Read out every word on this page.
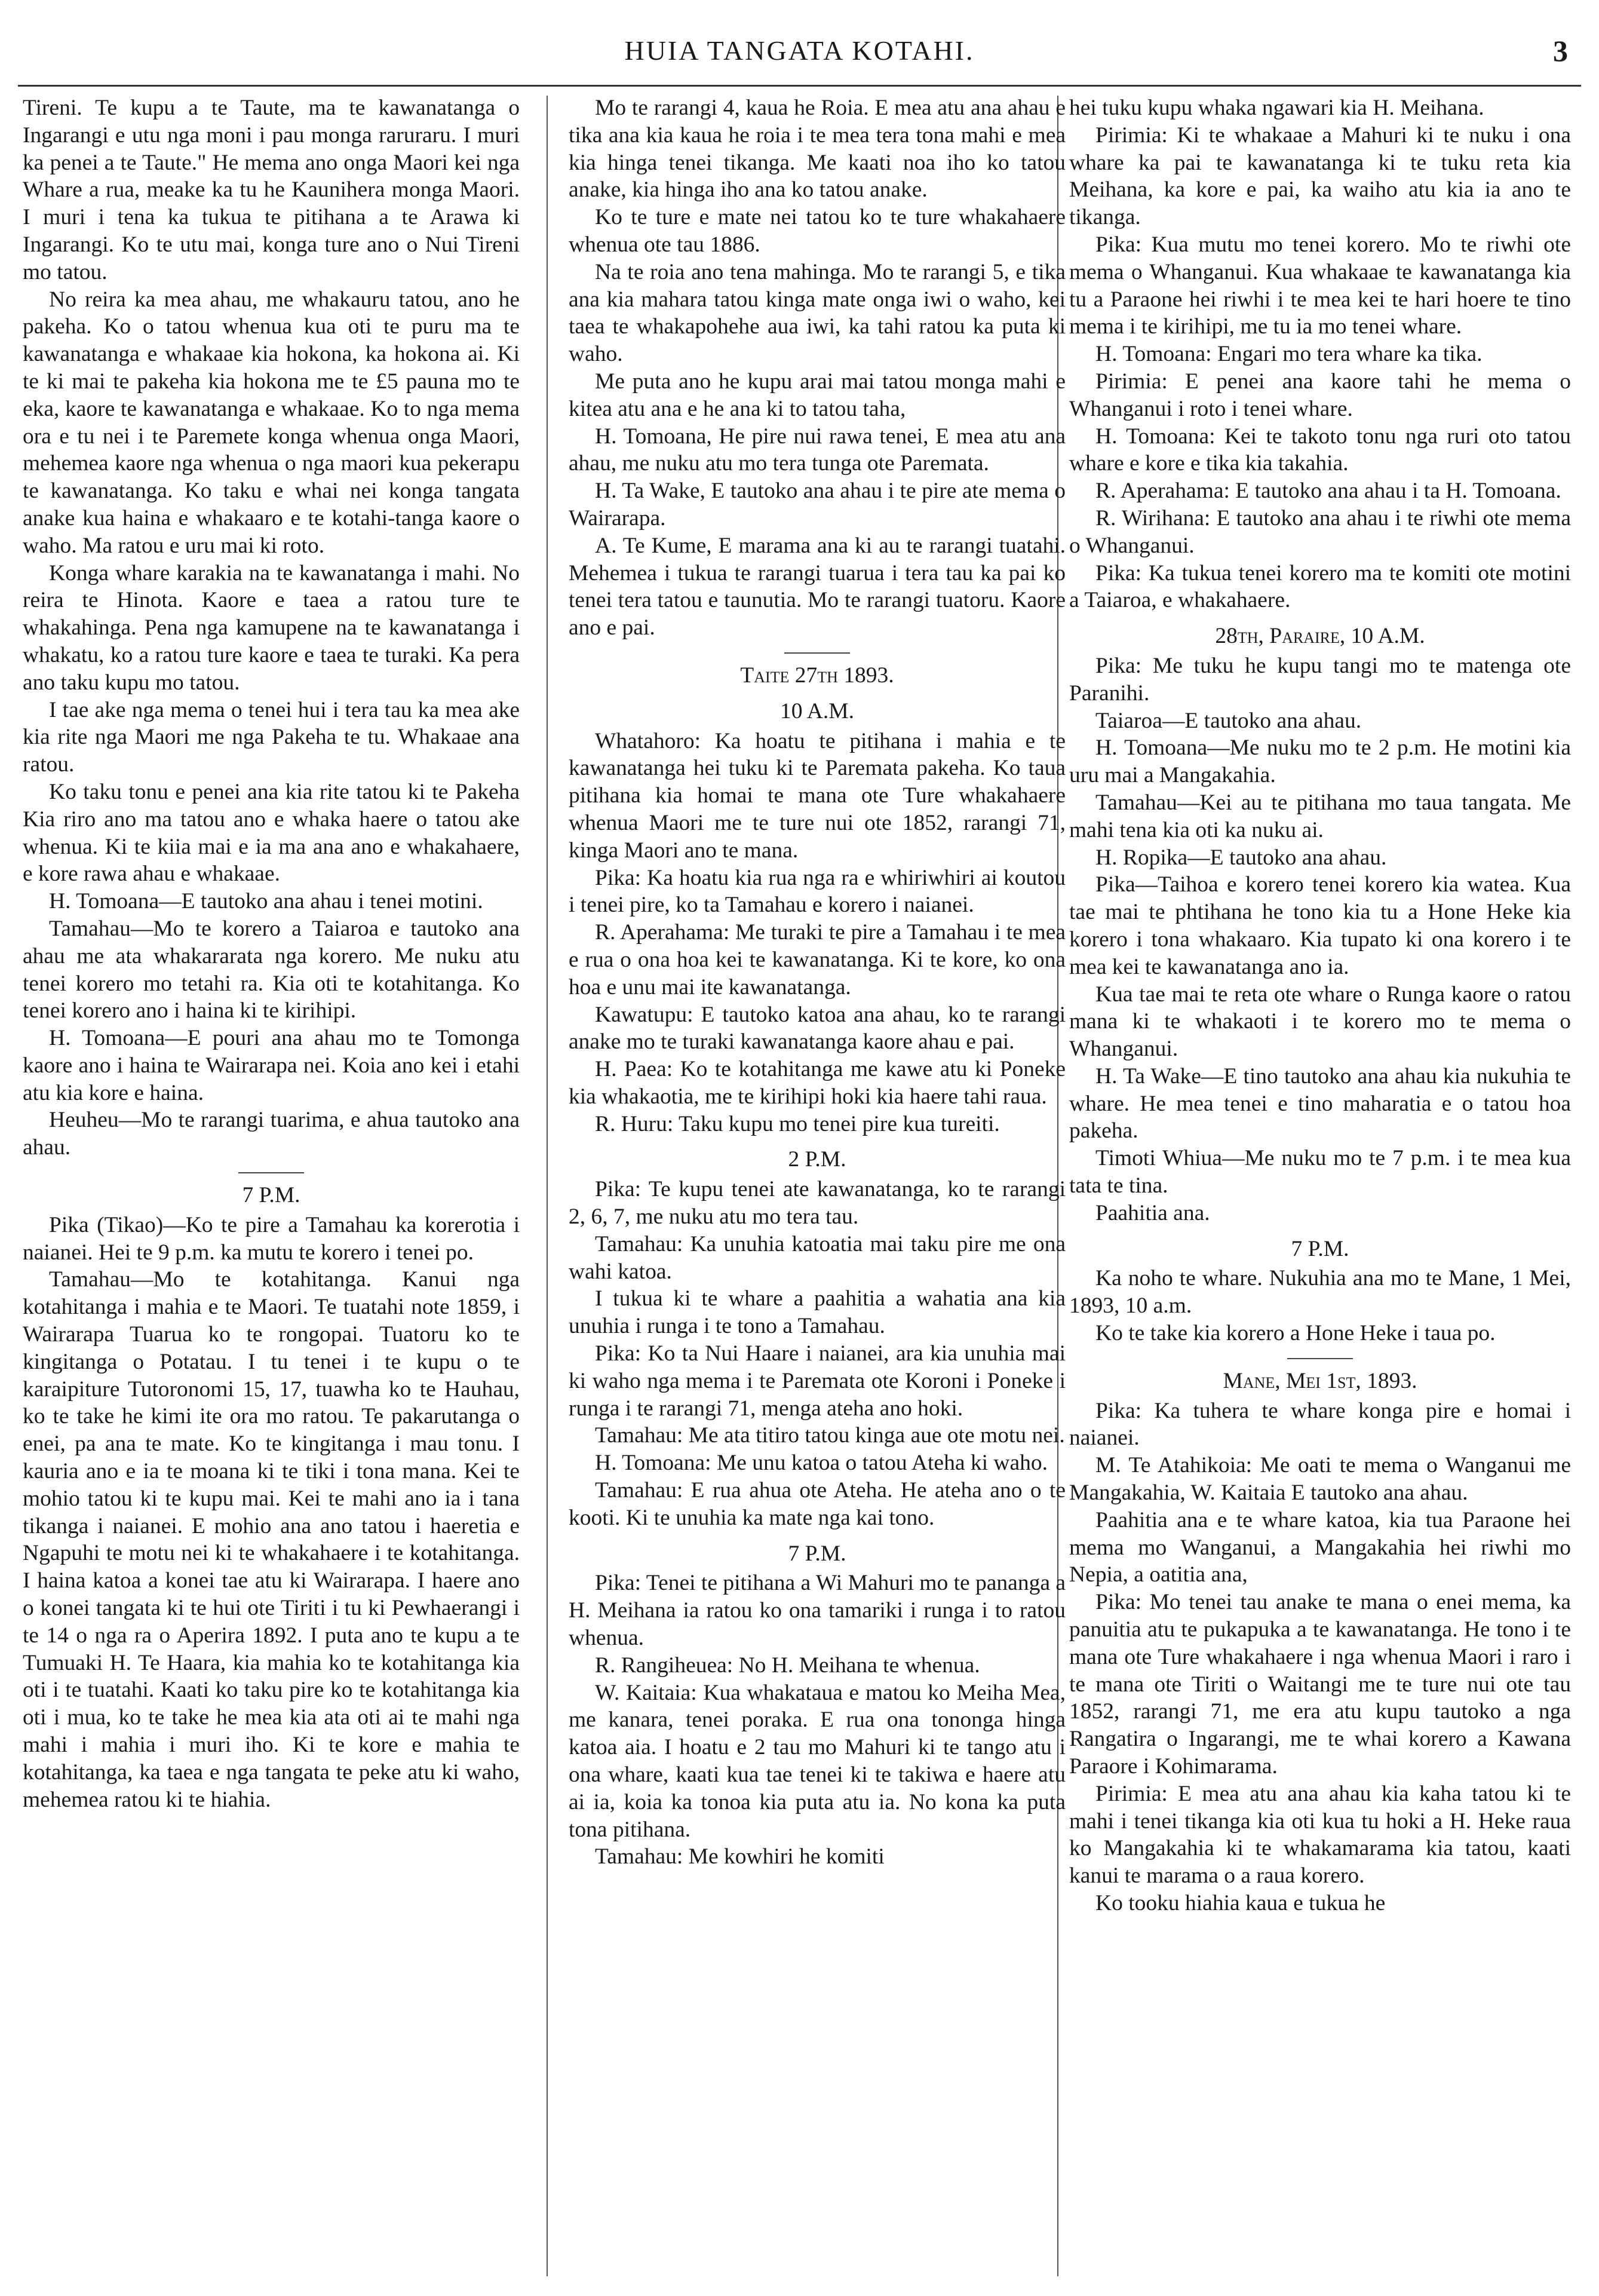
HUIA TANGATA KOTAHI.	3

Tireni. Te kupu a te Taute, ma te kawanatanga o Ingarangi e utu nga moni i pau monga raruraru. I muri ka penei a te Taute." He mema ano onga Maori kei nga Whare a rua, meake ka tu he Kaunihera monga Maori. I muri i tena ka tukua te pitihana a te Arawa ki Ingarangi. Ko te utu mai, konga ture ano o Nui Tireni mo tatou.

No reira ka mea ahau, me whakauru tatou, ano he pakeha. Ko o tatou whenua kua oti te puru ma te kawanatanga e whakaae kia hokona, ka hokona ai. Ki te ki mai te pakeha kia hokona me te £5 pauna mo te eka, kaore te kawanatanga e whakaae. Ko to nga mema ora e tu nei i te Paremete konga whenua onga Maori, mehemea kaore nga whenua o nga maori kua pekerapu te kawanatanga. Ko taku e whai nei konga tangata anake kua haina e whakaaro e te kotahi-tanga kaore o waho. Ma ratou e uru mai ki roto.

Konga whare karakia na te kawanatanga i mahi. No reira te Hinota. Kaore e taea a ratou ture te whakahinga. Pena nga kamupene na te kawanatanga i whakatu, ko a ratou ture kaore e taea te turaki. Ka pera ano taku kupu mo tatou.

I tae ake nga mema o tenei hui i tera tau ka mea ake kia rite nga Maori me nga Pakeha te tu. Whakaae ana ratou.

Ko taku tonu e penei ana kia rite tatou ki te Pakeha Kia riro ano ma tatou ano e whaka haere o tatou ake whenua. Ki te kiia mai e ia ma ana ano e whakahaere, e kore rawa ahau e whakaae.

H. Tomoana—E tautoko ana ahau i tenei motini.

Tamahau—Mo te korero a Taiaroa e tautoko ana ahau me ata whakararata nga korero. Me nuku atu tenei korero mo tetahi ra. Kia oti te kotahitanga. Ko tenei korero ano i haina ki te kirihipi.

H. Tomoana—E pouri ana ahau mo te Tomonga kaore ano i haina te Wairarapa nei. Koia ano kei i etahi atu kia kore e haina.

Heuheu—Mo te rarangi tuarima, e ahua tautoko ana ahau.

7 P.M.

Pika (Tikao)—Ko te pire a Tamahau ka korerotia i naianei. Hei te 9 p.m. ka mutu te korero i tenei po.

Tamahau—Mo te kotahitanga. Kanui nga kotahitanga i mahia e te Maori. Te tuatahi note 1859, i Wairarapa Tuarua ko te rongopai. Tuatoru ko te kingitanga o Potatau. I tu tenei i te kupu o te karaipiture Tutoronomi 15, 17, tuawha ko te Hauhau, ko te take he kimi ite ora mo ratou. Te pakarutanga o enei, pa ana te mate. Ko te kingitanga i mau tonu. I kauria ano e ia te moana ki te tiki i tona mana. Kei te mohio tatou ki te kupu mai. Kei te mahi ano ia i tana tikanga i naianei. E mohio ana ano tatou i haeretia e Ngapuhi te motu nei ki te whakahaere i te kotahitanga. I haina katoa a konei tae atu ki Wairarapa. I haere ano o konei tangata ki te hui ote Tiriti i tu ki Pewhaerangi i te 14 o nga ra o Aperira 1892. I puta ano te kupu a te Tumuaki H. Te Haara, kia mahia ko te kotahitanga kia oti i te tuatahi. Kaati ko taku pire ko te kotahitanga kia oti i mua, ko te take he mea kia ata oti ai te mahi nga mahi i mahia i muri iho. Ki te kore e mahia te kotahitanga, ka taea e nga tangata te peke atu ki waho, mehemea ratou ki te hiahia.

Mo te rarangi 4, kaua he Roia. E mea atu ana ahau e tika ana kia kaua he roia i te mea tera tona mahi e mea kia hinga tenei tikanga. Me kaati noa iho ko tatou anake, kia hinga iho ana ko tatou anake.

Ko te ture e mate nei tatou ko te ture whakahaere whenua ote tau 1886.

Na te roia ano tena mahinga. Mo te rarangi 5, e tika ana kia mahara tatou kinga mate onga iwi o waho, kei taea te whakapohehe aua iwi, ka tahi ratou ka puta ki waho.

Me puta ano he kupu arai mai tatou monga mahi e kitea atu ana e he ana ki to tatou taha,

H. Tomoana, He pire nui rawa tenei, E mea atu ana ahau, me nuku atu mo tera tunga ote Paremata.

H. Ta Wake, E tautoko ana ahau i te pire ate mema o Wairarapa.

A. Te Kume, E marama ana ki au te rarangi tuatahi. Mehemea i tukua te rarangi tuarua i tera tau ka pai ko tenei tera tatou e taunutia. Mo te rarangi tuatoru. Kaore ano e pai.

Taite 27th 1893.

10 A.M.

Whatahoro: Ka hoatu te pitihana i mahia e te kawanatanga hei tuku ki te Paremata pakeha. Ko taua pitihana kia homai te mana ote Ture whakahaere whenua Maori me te ture nui ote 1852, rarangi 71, kinga Maori ano te mana.

Pika: Ka hoatu kia rua nga ra e whiriwhiri ai koutou i tenei pire, ko ta Tamahau e korero i naianei.

R. Aperahama: Me turaki te pire a Tamahau i te mea e rua o ona hoa kei te kawanatanga. Ki te kore, ko ona hoa e unu mai ite kawanatanga.

Kawatupu: E tautoko katoa ana ahau, ko te rarangi anake mo te turaki kawanatanga kaore ahau e pai.

H. Paea: Ko te kotahitanga me kawe atu ki Poneke kia whakaotia, me te kirihipi hoki kia haere tahi raua.

R. Huru: Taku kupu mo tenei pire kua tureiti.

2 P.M.

Pika: Te kupu tenei ate kawanatanga, ko te rarangi 2, 6, 7, me nuku atu mo tera tau.

Tamahau: Ka unuhia katoatia mai taku pire me ona wahi katoa.

I tukua ki te whare a paahitia a wahatia ana kia unuhia i runga i te tono a Tamahau.

Pika: Ko ta Nui Haare i naianei, ara kia unuhia mai ki waho nga mema i te Paremata ote Koroni i Poneke i runga i te rarangi 71, menga ateha ano hoki.

Tamahau: Me ata titiro tatou kinga aue ote motu nei.

H. Tomoana: Me unu katoa o tatou Ateha ki waho.

Tamahau: E rua ahua ote Ateha. He ateha ano o te kooti. Ki te unuhia ka mate nga kai tono.

7 P.M.

Pika: Tenei te pitihana a Wi Mahuri mo te pananga a H. Meihana ia ratou ko ona tamariki i runga i to ratou whenua.

R. Rangiheuea: No H. Meihana te whenua.

W. Kaitaia: Kua whakataua e matou ko Meiha Mea, me kanara, tenei poraka. E rua ona tononga hinga katoa aia. I hoatu e 2 tau mo Mahuri ki te tango atu i ona whare, kaati kua tae tenei ki te takiwa e haere atu ai ia, koia ka tonoa kia puta atu ia. No kona ka puta tona pitihana.

Tamahau: Me kowhiri he komiti

hei tuku kupu whaka ngawari kia H. Meihana.

Pirimia: Ki te whakaae a Mahuri ki te nuku i ona whare ka pai te kawanatanga ki te tuku reta kia Meihana, ka kore e pai, ka waiho atu kia ia ano te tikanga.

Pika: Kua mutu mo tenei korero. Mo te riwhi ote mema o Whanganui. Kua whakaae te kawanatanga kia tu a Paraone hei riwhi i te mea kei te hari hoere te tino mema i te kirihipi, me tu ia mo tenei whare.

H. Tomoana: Engari mo tera whare ka tika.

Pirimia: E penei ana kaore tahi he mema o Whanganui i roto i tenei whare.

H. Tomoana: Kei te takoto tonu nga ruri oto tatou whare e kore e tika kia takahia.

R. Aperahama: E tautoko ana ahau i ta H. Tomoana.

R. Wirihana: E tautoko ana ahau i te riwhi ote mema o Whanganui.

Pika: Ka tukua tenei korero ma te komiti ote motini a Taiaroa, e whakahaere.

28th, Paraire, 10 A.M.

Pika: Me tuku he kupu tangi mo te matenga ote Paranihi.

Taiaroa—E tautoko ana ahau.

H. Tomoana—Me nuku mo te 2 p.m. He motini kia uru mai a Mangakahia.

Tamahau—Kei au te pitihana mo taua tangata. Me mahi tena kia oti ka nuku ai.

H. Ropika—E tautoko ana ahau.

Pika—Taihoa e korero tenei korero kia watea. Kua tae mai te phtihana he tono kia tu a Hone Heke kia korero i tona whakaaro. Kia tupato ki ona korero i te mea kei te kawanatanga ano ia.

Kua tae mai te reta ote whare o Runga kaore o ratou mana ki te whakaoti i te korero mo te mema o Whanganui.

H. Ta Wake—E tino tautoko ana ahau kia nukuhia te whare. He mea tenei e tino maharatia e o tatou hoa pakeha.

Timoti Whiua—Me nuku mo te 7 p.m. i te mea kua tata te tina.

Paahitia ana.

7 P.M.

Ka noho te whare. Nukuhia ana mo te Mane, 1 Mei, 1893, 10 a.m.

Ko te take kia korero a Hone Heke i taua po.

Mane, Mei 1st, 1893.

Pika: Ka tuhera te whare konga pire e homai i naianei.

M. Te Atahikoia: Me oati te mema o Wanganui me Mangakahia, W. Kaitaia E tautoko ana ahau.

Paahitia ana e te whare katoa, kia tua Paraone hei mema mo Wanganui, a Mangakahia hei riwhi mo Nepia, a oatitia ana,

Pika: Mo tenei tau anake te mana o enei mema, ka panuitia atu te pukapuka a te kawanatanga. He tono i te mana ote Ture whakahaere i nga whenua Maori i raro i te mana ote Tiriti o Waitangi me te ture nui ote tau 1852, rarangi 71, me era atu kupu tautoko a nga Rangatira o Ingarangi, me te whai korero a Kawana Paraore i Kohimarama.

Pirimia: E mea atu ana ahau kia kaha tatou ki te mahi i tenei tikanga kia oti kua tu hoki a H. Heke raua ko Mangakahia ki te whakamarama kia tatou, kaati kanui te marama o a raua korero.

Ko tooku hiahia kaua e tukua he
